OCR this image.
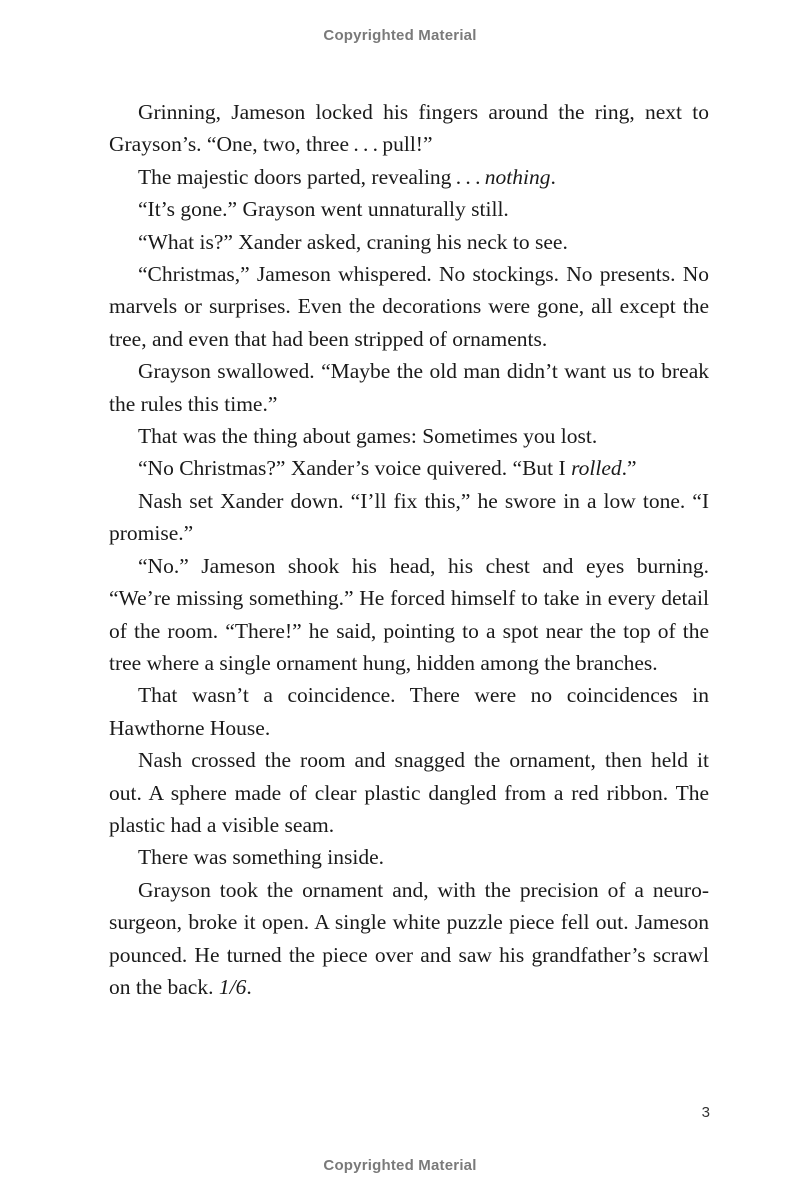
Copyrighted Material

Grinning, Jameson locked his fingers around the ring, next to Grayson’s. “One, two, three . . . pull!”

The majestic doors parted, revealing . . . nothing.

“It’s gone.” Grayson went unnaturally still.

“What is?” Xander asked, craning his neck to see.

“Christmas,” Jameson whispered. No stockings. No presents. No marvels or surprises. Even the decorations were gone, all except the tree, and even that had been stripped of ornaments.

Grayson swallowed. “Maybe the old man didn’t want us to break the rules this time.”

That was the thing about games: Sometimes you lost.

“No Christmas?” Xander’s voice quivered. “But I rolled.”

Nash set Xander down. “I’ll fix this,” he swore in a low tone. “I promise.”

“No.” Jameson shook his head, his chest and eyes burning. “We’re missing something.” He forced himself to take in every detail of the room. “There!” he said, pointing to a spot near the top of the tree where a single ornament hung, hidden among the branches.

That wasn’t a coincidence. There were no coincidences in Hawthorne House.

Nash crossed the room and snagged the ornament, then held it out. A sphere made of clear plastic dangled from a red ribbon. The plastic had a visible seam.

There was something inside.

Grayson took the ornament and, with the precision of a neurosurgeon, broke it open. A single white puzzle piece fell out. Jameson pounced. He turned the piece over and saw his grandfather’s scrawl on the back. 1/6.

3
Copyrighted Material
